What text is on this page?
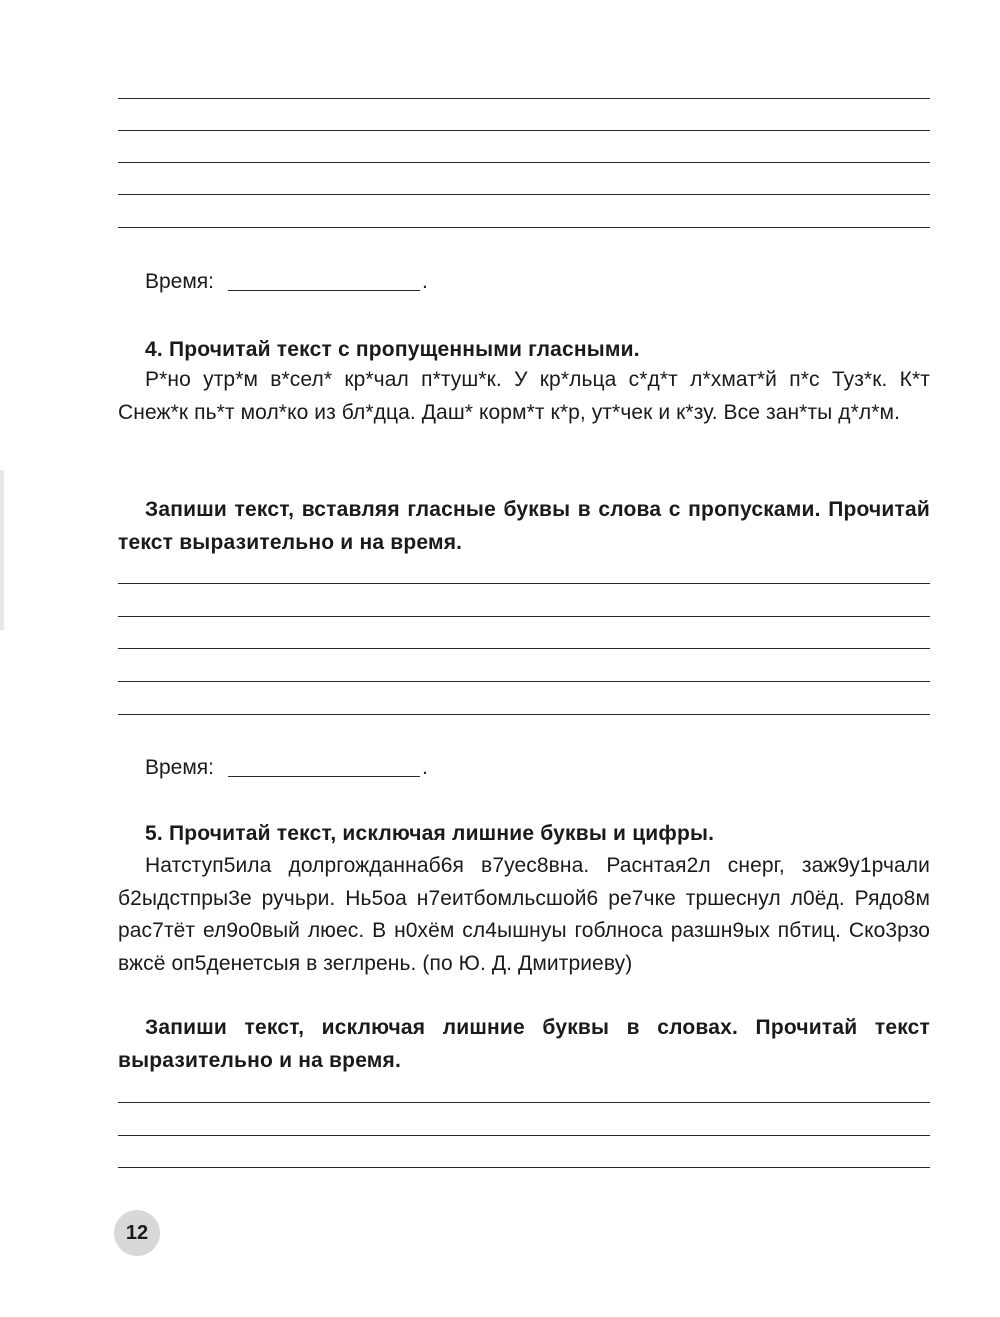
Время:	.
4. Прочитай текст с пропущенными гласными.
Р*но утр*м в*сел* кр*чал п*туш*к. У кр*льца с*д*т л*хмат*й п*с Туз*к. К*т Снеж*к пь*т мол*ко из бл*дца. Даш* корм*т к*р, ут*чек и к*зу. Все зан*ты д*л*м.
Запиши текст, вставляя гласные буквы в слова с пропусками. Прочитай текст выразительно и на время.
Время:	.
5. Прочитай текст, исключая лишние буквы и цифры.
Натступ5ила долргожданнаб6я в7уес8вна. Раснтая2л снерг, заж9у1рчали б2ыдстпры3е ручьри. Нь5оа н7еитбомльсшой6 ре7чке тршеснул л0ёд. Рядо8м рас7тёт ел9о0вый люес. В н0хём сл4ышнуы гоблноса разшн9ых пбтиц. Ско3рзо вжсё оп5денетсыя в зеглрень. (по Ю. Д. Дмитриеву)
Запиши текст, исключая лишние буквы в словах. Прочитай текст выразительно и на время.
12
